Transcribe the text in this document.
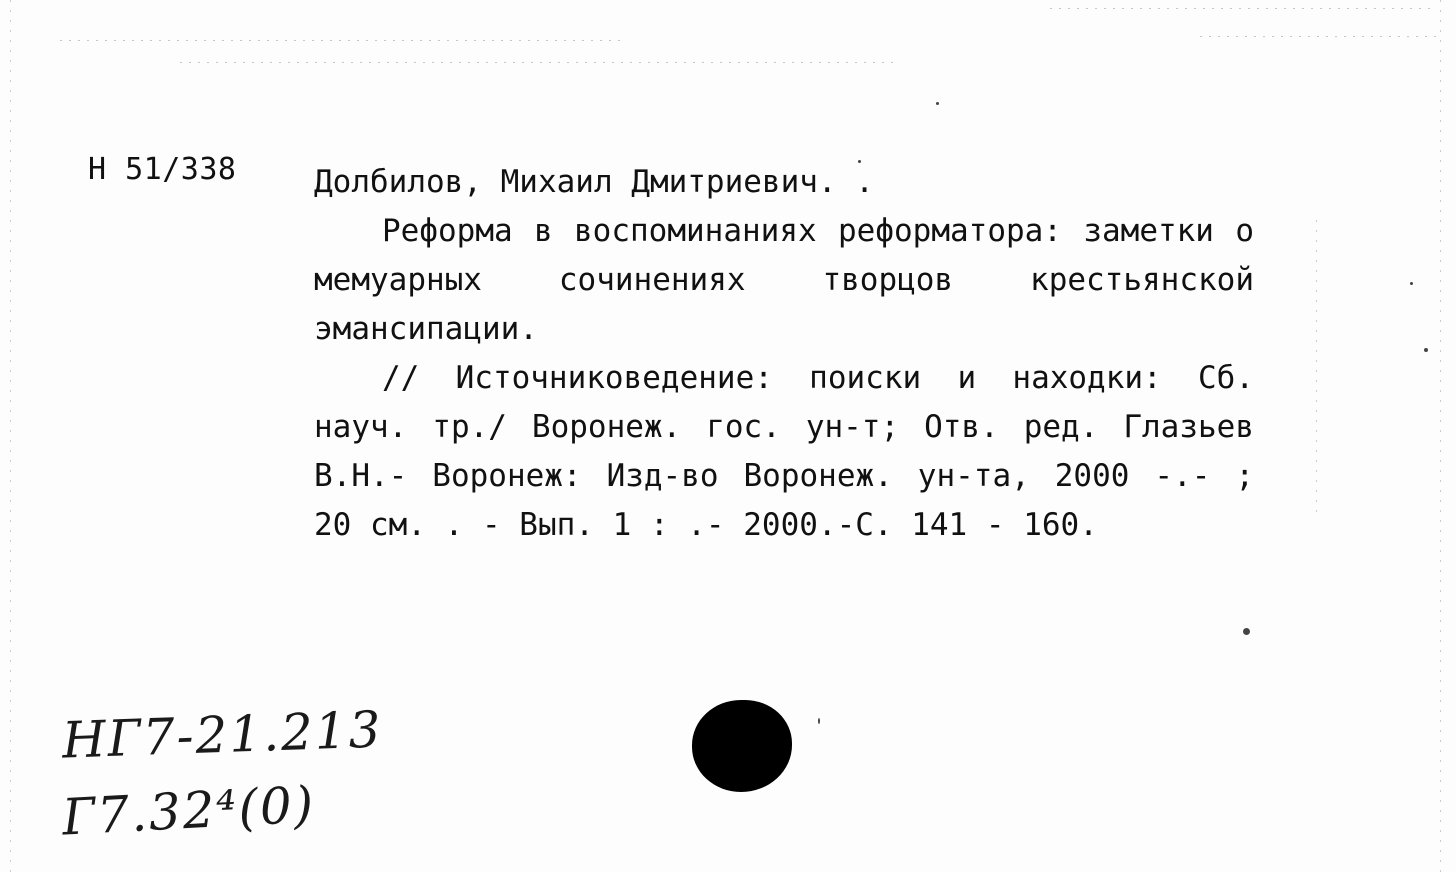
Н 51/338	Долбилов, Михаил Дмитриевич. .
Реформа в воспоминаниях реформатора: заметки о мемуарных сочинениях творцов крестьянской эмансипации.
// Источниковедение: поиски и находки: Сб. науч. тр./ Воронеж. гос. ун-т; Отв. ред. Глазьев В.Н.- Воронеж: Изд-во Воронеж. ун-та, 2000 -.- ; 20 см. . - Вып. 1 : .- 2000.-С. 141 - 160.
НГ7-21.213
Г7.32⁴(0)
